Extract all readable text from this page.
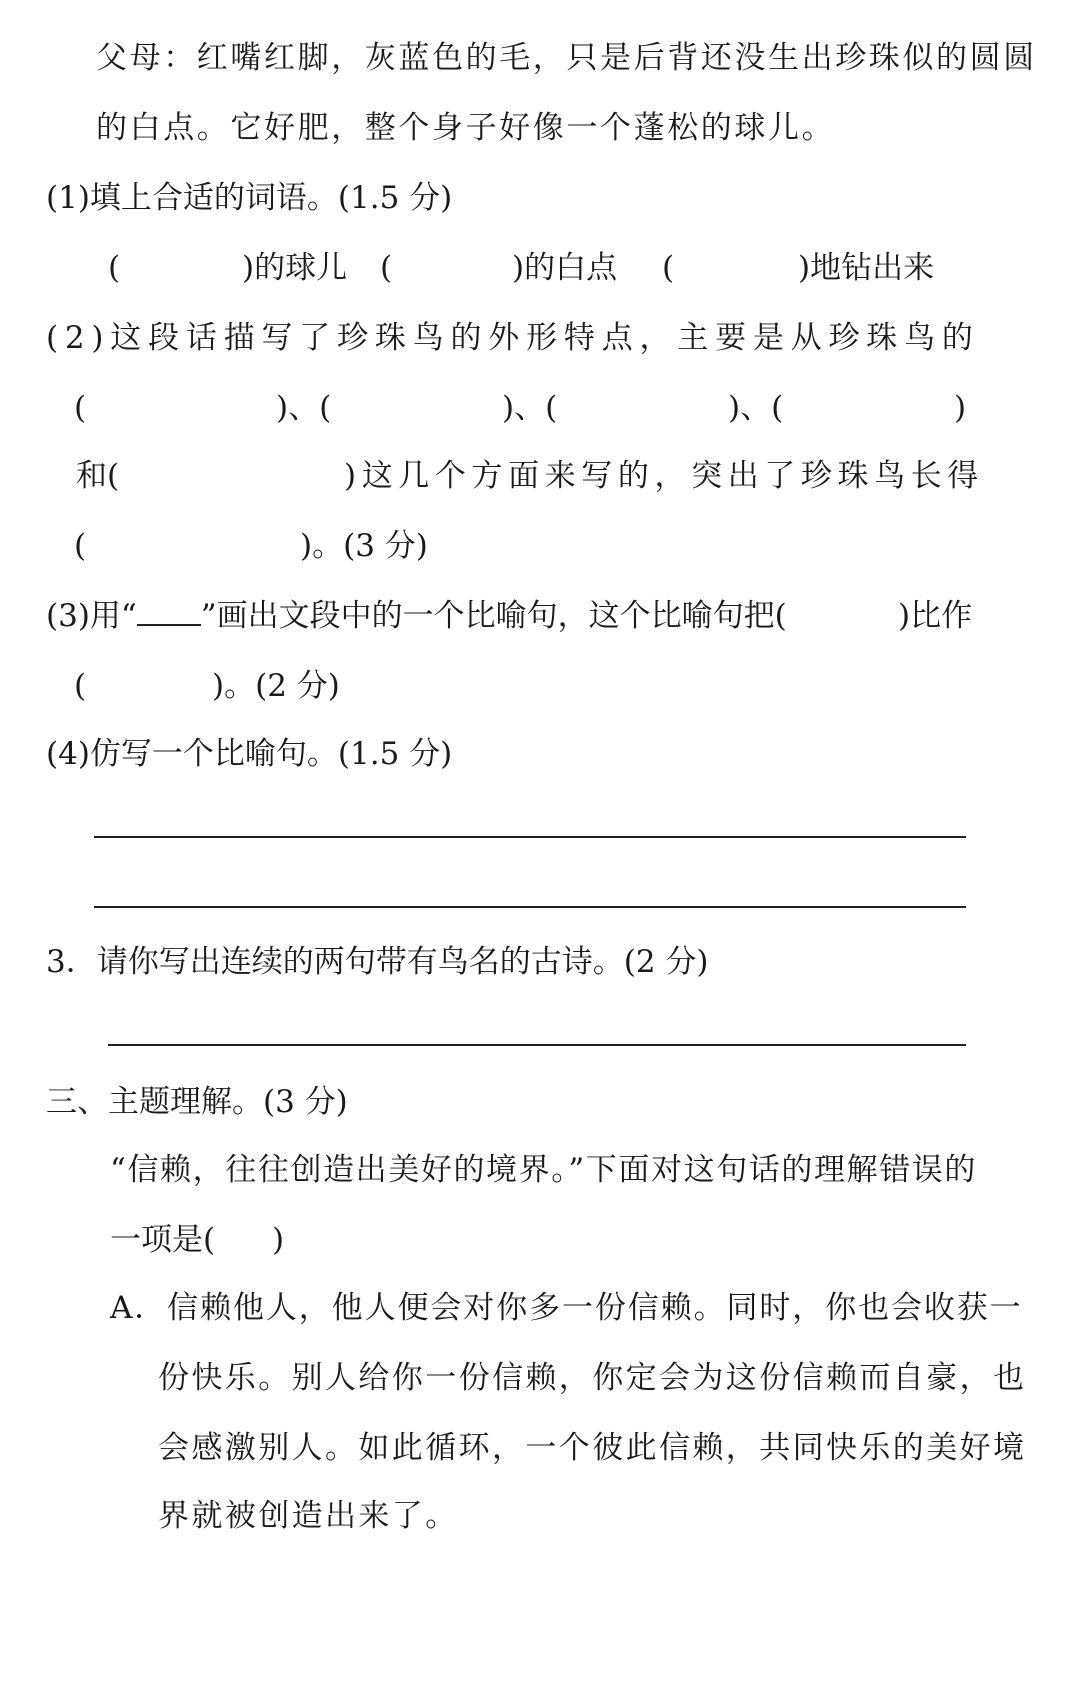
父母：红嘴红脚，灰蓝色的毛，只是后背还没生出珍珠似的圆圆
的白点。它好肥，整个身子好像一个蓬松的球儿。
(1)填上合适的词语。(1.5 分)
(	)的球儿 (	)的白点 (	)地钻出来
(2)这段话描写了珍珠鸟的外形特点，主要是从珍珠鸟的
(	)、(	)、(	)、(	)
和(	)这几个方面来写的，突出了珍珠鸟长得
(	)。(3 分)
(3)用“ ”画出文段中的一个比喻句，这个比喻句把(	)比作
(	)。(2 分)
(4)仿写一个比喻句。(1.5 分)
3．请你写出连续的两句带有鸟名的古诗。(2 分)
三、主题理解。(3 分)
“信赖，往往创造出美好的境界。”下面对这句话的理解错误的
一项是( )
A．信赖他人，他人便会对你多一份信赖。同时，你也会收获一
份快乐。别人给你一份信赖，你定会为这份信赖而自豪，也
会感激别人。如此循环，一个彼此信赖，共同快乐的美好境
界就被创造出来了。
